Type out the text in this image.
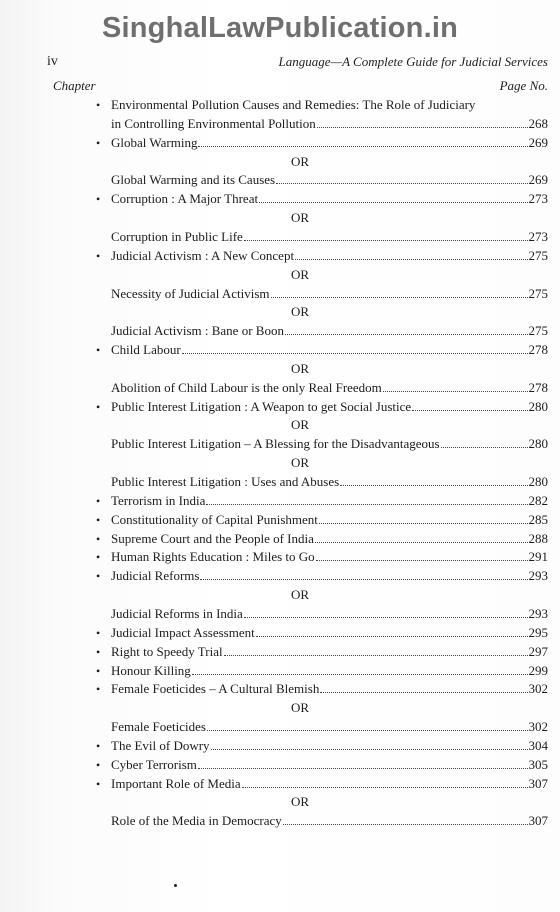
SinghalLawPublication.in
iv	Language—A Complete Guide for Judicial Services
Chapter	Page No.
• Environmental Pollution Causes and Remedies: The Role of Judiciary
in Controlling Environmental Pollution	268
• Global Warming	269
OR
Global Warming and its Causes	269
• Corruption : A Major Threat	273
OR
Corruption in Public Life	273
• Judicial Activism : A New Concept	275
OR
Necessity of Judicial Activism	275
OR
Judicial Activism : Bane or Boon	275
• Child Labour	278
OR
Abolition of Child Labour is the only Real Freedom	278
• Public Interest Litigation : A Weapon to get Social Justice	280
OR
Public Interest Litigation – A Blessing for the Disadvantageous	280
OR
Public Interest Litigation : Uses and Abuses	280
• Terrorism in India	282
• Constitutionality of Capital Punishment	285
• Supreme Court and the People of India	288
• Human Rights Education : Miles to Go	291
• Judicial Reforms	293
OR
Judicial Reforms in India	293
• Judicial Impact Assessment	295
• Right to Speedy Trial	297
• Honour Killing	299
• Female Foeticides – A Cultural Blemish	302
OR
Female Foeticides	302
• The Evil of Dowry	304
• Cyber Terrorism	305
• Important Role of Media	307
OR
Role of the Media in Democracy	307
